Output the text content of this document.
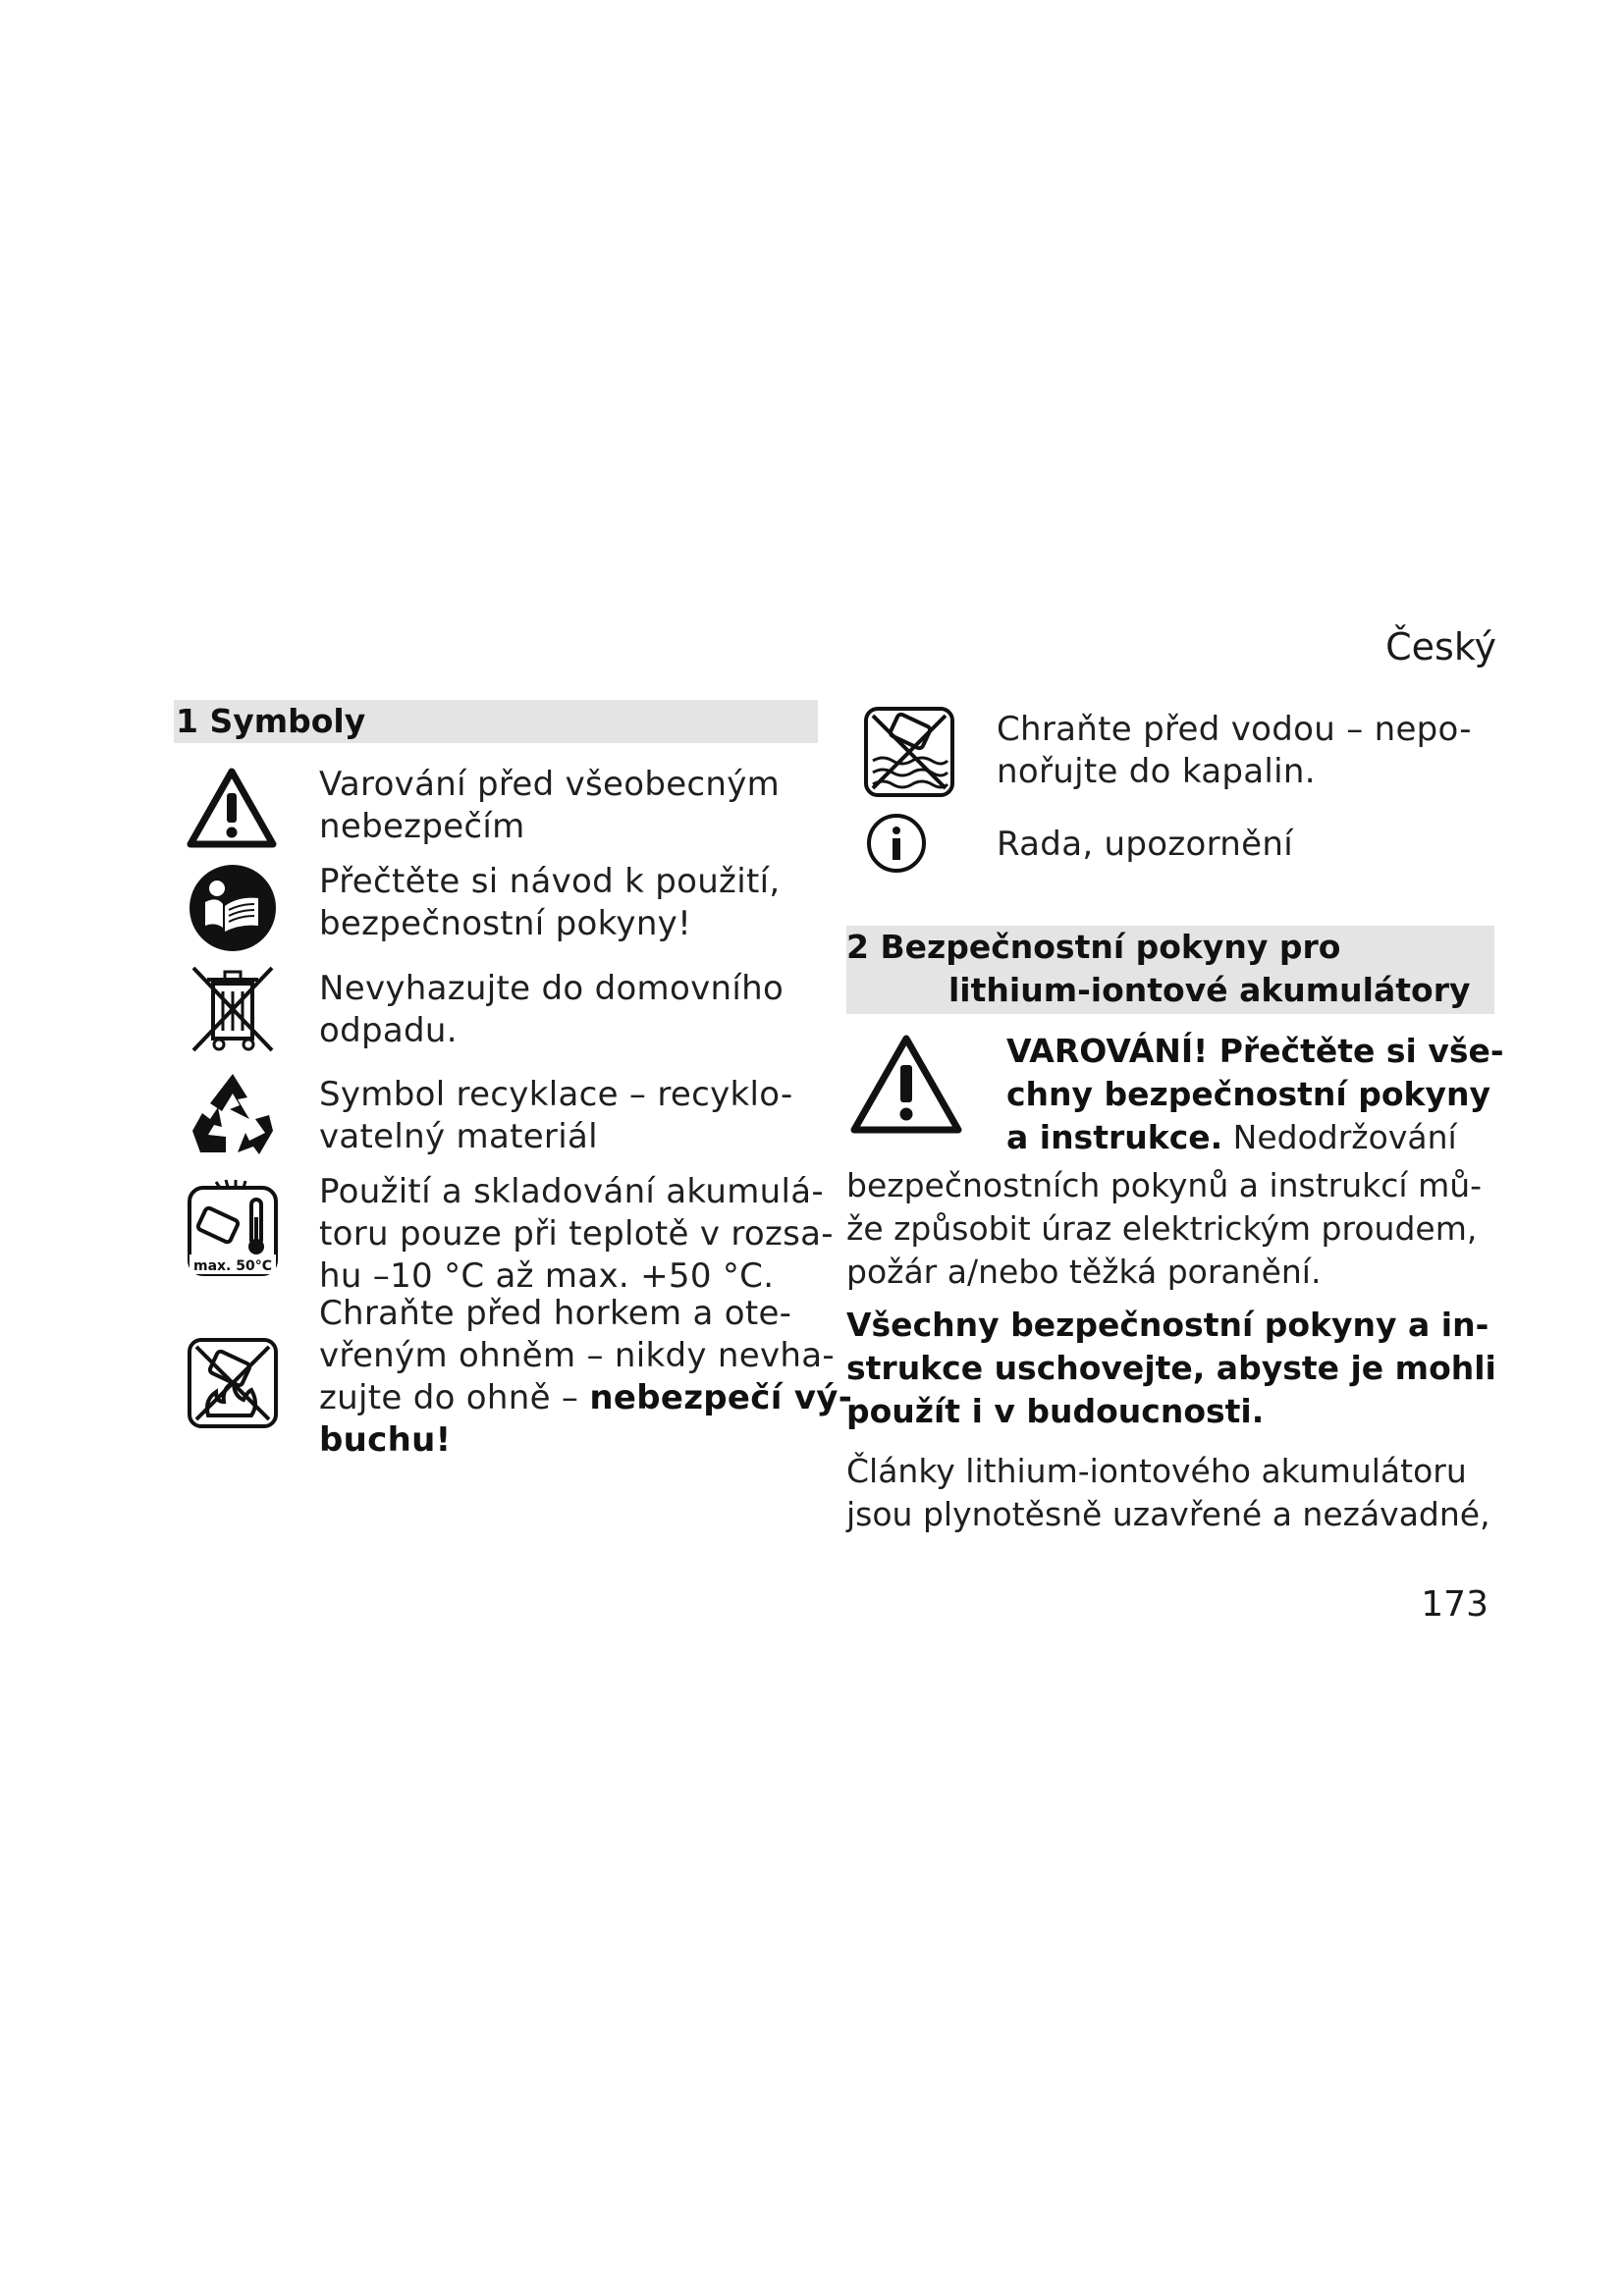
Český
1 Symboly
Varování před všeobecným
nebezpečím
Přečtěte si návod k použití,
bezpečnostní pokyny!
Nevyhazujte do domovního
odpadu.
Symbol recyklace – recyklo-
vatelný materiál
max. 50°C
Použití a skladování akumulá-
toru pouze při teplotě v rozsa-
hu –10 °C až max. +50 °C.
Chraňte před horkem a ote-
vřeným ohněm – nikdy nevha-
zujte do ohně – nebezpečí vý-
buchu!
Chraňte před vodou – nepo-
nořujte do kapalin.
Rada, upozornění
2 Bezpečnostní pokyny pro
lithium-iontové akumulátory
VAROVÁNÍ! Přečtěte si vše-
chny bezpečnostní pokyny
a instrukce. Nedodržování
bezpečnostních pokynů a instrukcí mů-
že způsobit úraz elektrickým proudem,
požár a/nebo těžká poranění.
Všechny bezpečnostní pokyny a in-
strukce uschovejte, abyste je mohli
použít i v budoucnosti.
Články lithium-iontového akumulátoru
jsou plynotěsně uzavřené a nezávadné,
173
